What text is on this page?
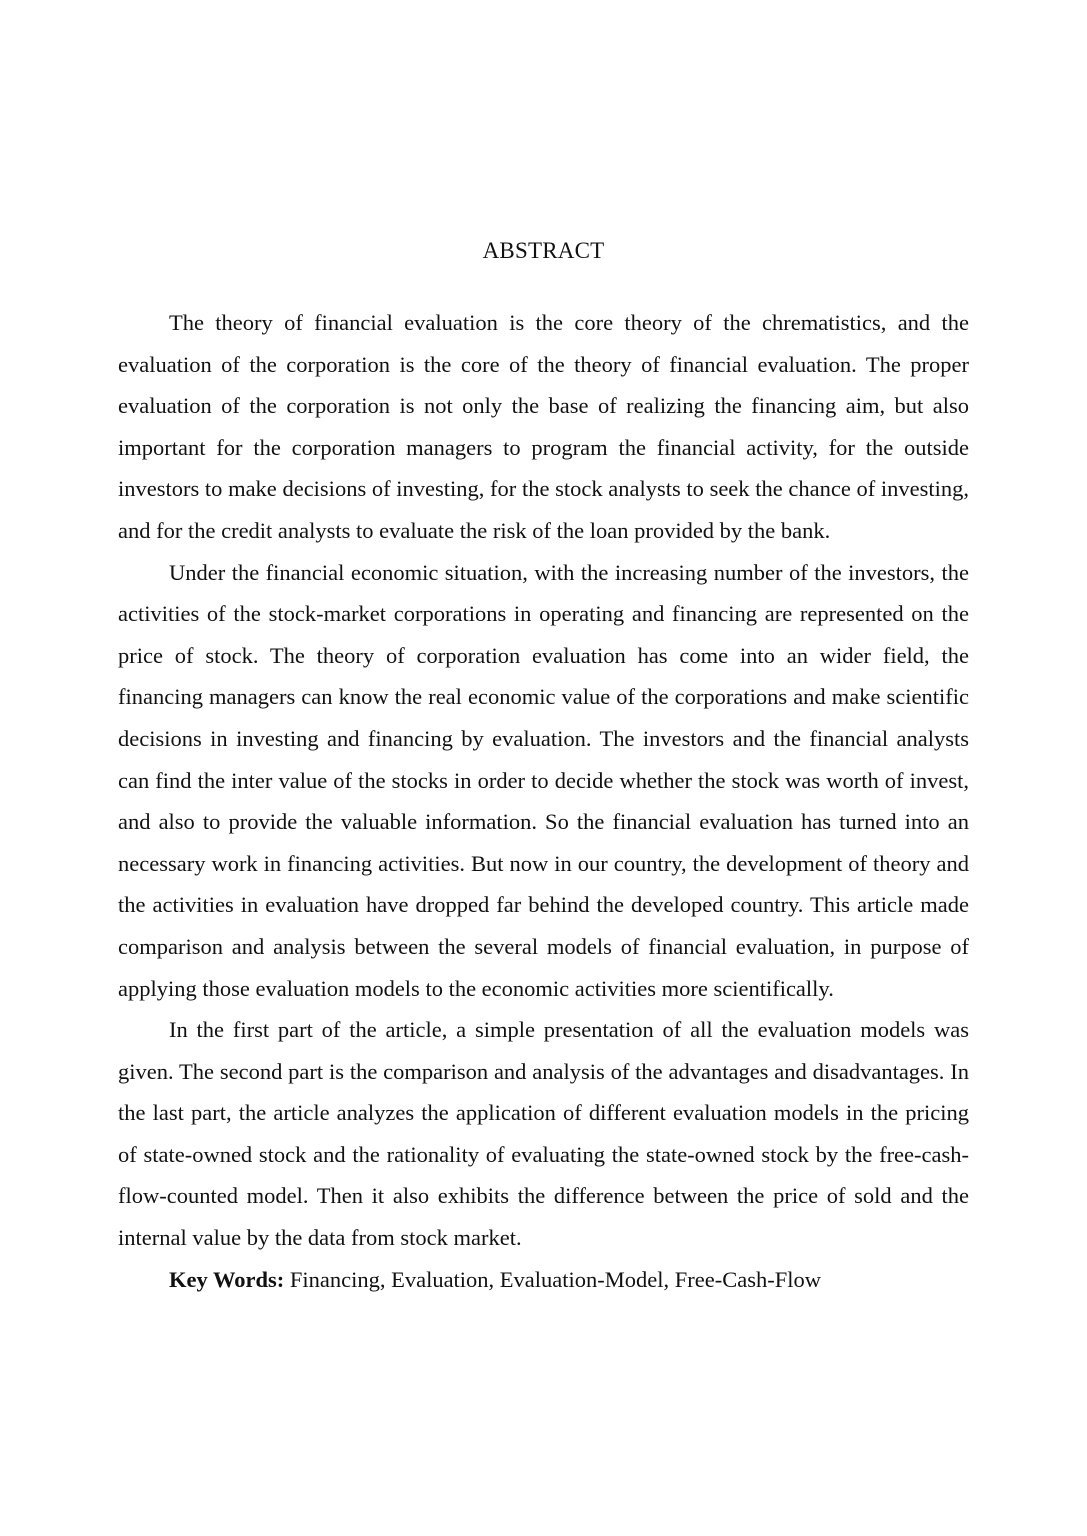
ABSTRACT

The theory of financial evaluation is the core theory of the chrematistics, and the evaluation of the corporation is the core of the theory of financial evaluation. The proper evaluation of the corporation is not only the base of realizing the financing aim, but also important for the corporation managers to program the financial activity, for the outside investors to make decisions of investing, for the stock analysts to seek the chance of investing, and for the credit analysts to evaluate the risk of the loan provided by the bank.

Under the financial economic situation, with the increasing number of the investors, the activities of the stock-market corporations in operating and financing are represented on the price of stock. The theory of corporation evaluation has come into an wider field, the financing managers can know the real economic value of the corporations and make scientific decisions in investing and financing by evaluation. The investors and the financial analysts can find the inter value of the stocks in order to decide whether the stock was worth of invest, and also to provide the valuable information. So the financial evaluation has turned into an necessary work in financing activities. But now in our country, the development of theory and the activities in evaluation have dropped far behind the developed country. This article made comparison and analysis between the several models of financial evaluation, in purpose of applying those evaluation models to the economic activities more scientifically.

In the first part of the article, a simple presentation of all the evaluation models was given. The second part is the comparison and analysis of the advantages and disadvantages. In the last part, the article analyzes the application of different evaluation models in the pricing of state-owned stock and the rationality of evaluating the state-owned stock by the free-cash-flow-counted model. Then it also exhibits the difference between the price of sold and the internal value by the data from stock market.

Key Words: Financing, Evaluation, Evaluation-Model, Free-Cash-Flow
